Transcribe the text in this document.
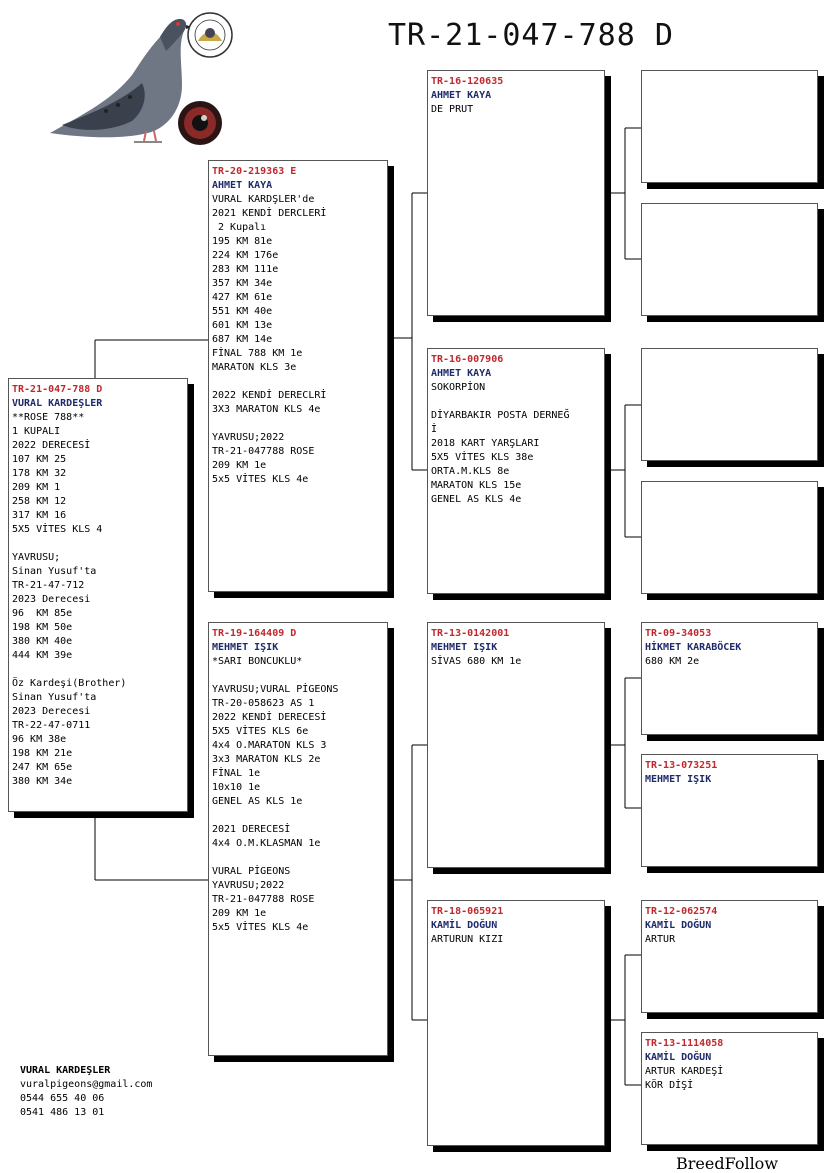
TR-21-047-788 D
TR-21-047-788 D
VURAL KARDEŞLER
**ROSE 788**
1 KUPALI
2022 DERECESİ
107 KM 25
178 KM 32
209 KM 1
258 KM 12
317 KM 16
5X5 VİTES KLS 4

YAVRUSU;
Sinan Yusuf'ta
TR-21-47-712
2023 Derecesi
96  KM 85e
198 KM 50e
380 KM 40e
444 KM 39e

Öz Kardeşi(Brother)
Sinan Yusuf'ta
2023 Derecesi
TR-22-47-0711
96 KM 38e
198 KM 21e
247 KM 65e
380 KM 34e
TR-20-219363 E
AHMET KAYA
VURAL KARDŞLER'de
2021 KENDİ DERCLERİ
2 Kupalı
195 KM 81e
224 KM 176e
283 KM 111e
357 KM 34e
427 KM 61e
551 KM 40e
601 KM 13e
687 KM 14e
FİNAL 788 KM 1e
MARATON KLS 3e

2022 KENDİ DERECLRİ
3X3 MARATON KLS 4e

YAVRUSU;2022
TR-21-047788 ROSE
209 KM 1e
5x5 VİTES KLS 4e
TR-19-164409 D
MEHMET IŞIK
*SARI BONCUKLU*

YAVRUSU;VURAL PİGEONS
TR-20-058623 AS 1
2022 KENDİ DERECESİ
5X5 VİTES KLS 6e
4x4 O.MARATON KLS 3
3x3 MARATON KLS 2e
FİNAL 1e
10x10 1e
GENEL AS KLS 1e

2021 DERECESİ
4x4 O.M.KLASMAN 1e

VURAL PİGEONS
YAVRUSU;2022
TR-21-047788 ROSE
209 KM 1e
5x5 VİTES KLS 4e
TR-16-120635
AHMET KAYA
DE PRUT
TR-16-007906
AHMET KAYA
SOKORPİON

DİYARBAKIR POSTA DERNEĞ
İ
2018 KART YARŞLARI
5X5 VİTES KLS 38e
ORTA.M.KLS 8e
MARATON KLS 15e
GENEL AS KLS 4e
TR-13-0142001
MEHMET IŞIK
SİVAS 680 KM 1e
TR-18-065921
KAMİL DOĞUN
ARTURUN KIZI
TR-09-34053
HİKMET KARABÖCEK
680 KM 2e
TR-13-073251
MEHMET IŞIK
TR-12-062574
KAMİL DOĞUN
ARTUR
TR-13-1114058
KAMİL DOĞUN
ARTUR KARDEŞİ
KÖR DİŞİ
VURAL KARDEŞLER
vuralpigeons@gmail.com
0544 655 40 06
0541 486 13 01
BreedFollow
